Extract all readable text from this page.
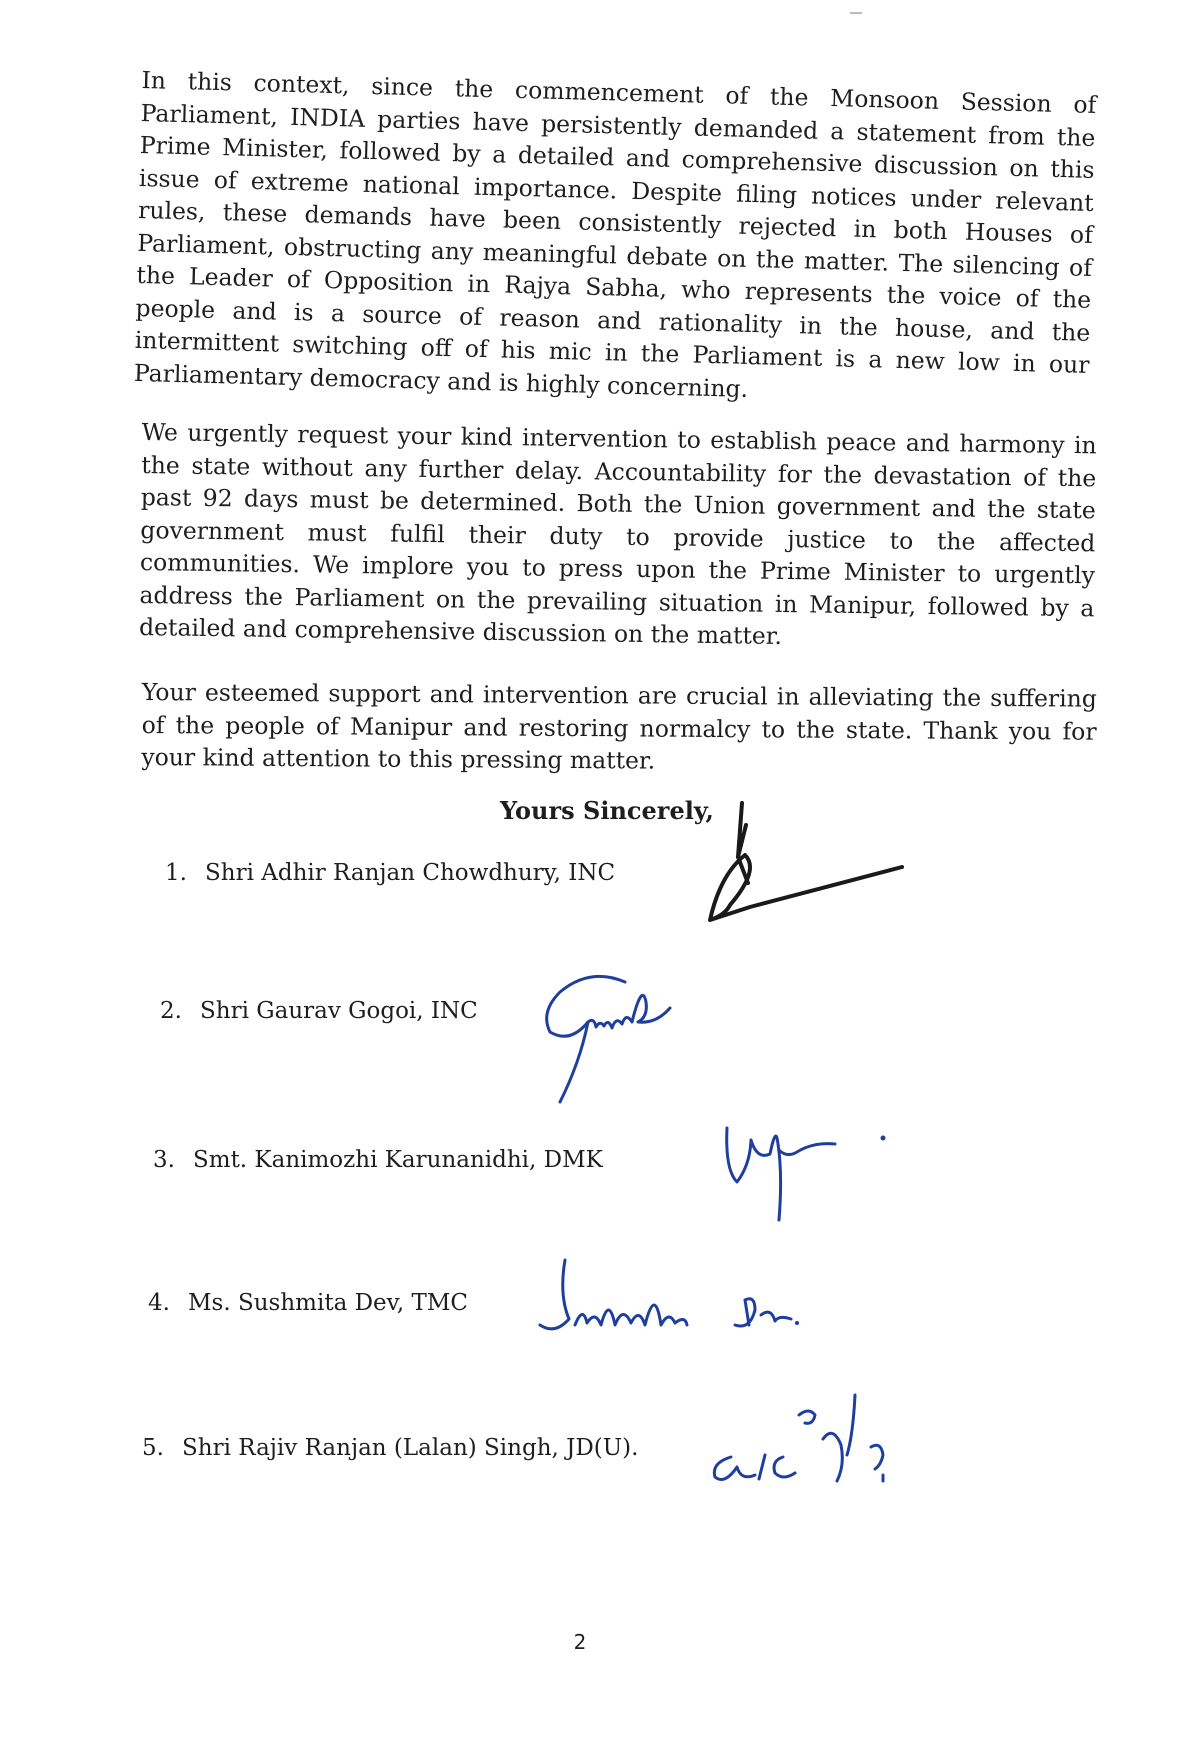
In this context, since the commencement of the Monsoon Session of Parliament, INDIA parties have persistently demanded a statement from the Prime Minister, followed by a detailed and comprehensive discussion on this issue of extreme national importance. Despite filing notices under relevant rules, these demands have been consistently rejected in both Houses of Parliament, obstructing any meaningful debate on the matter. The silencing of the Leader of Opposition in Rajya Sabha, who represents the voice of the people and is a source of reason and rationality in the house, and the intermittent switching off of his mic in the Parliament is a new low in our Parliamentary democracy and is highly concerning.

We urgently request your kind intervention to establish peace and harmony in the state without any further delay. Accountability for the devastation of the past 92 days must be determined. Both the Union government and the state government must fulfil their duty to provide justice to the affected communities. We implore you to press upon the Prime Minister to urgently address the Parliament on the prevailing situation in Manipur, followed by a detailed and comprehensive discussion on the matter.

Your esteemed support and intervention are crucial in alleviating the suffering of the people of Manipur and restoring normalcy to the state. Thank you for your kind attention to this pressing matter.

Yours Sincerely,
1. Shri Adhir Ranjan Chowdhury, INC
2. Shri Gaurav Gogoi, INC
3. Smt. Kanimozhi Karunanidhi, DMK
4. Ms. Sushmita Dev, TMC
5. Shri Rajiv Ranjan (Lalan) Singh, JD(U).
2
